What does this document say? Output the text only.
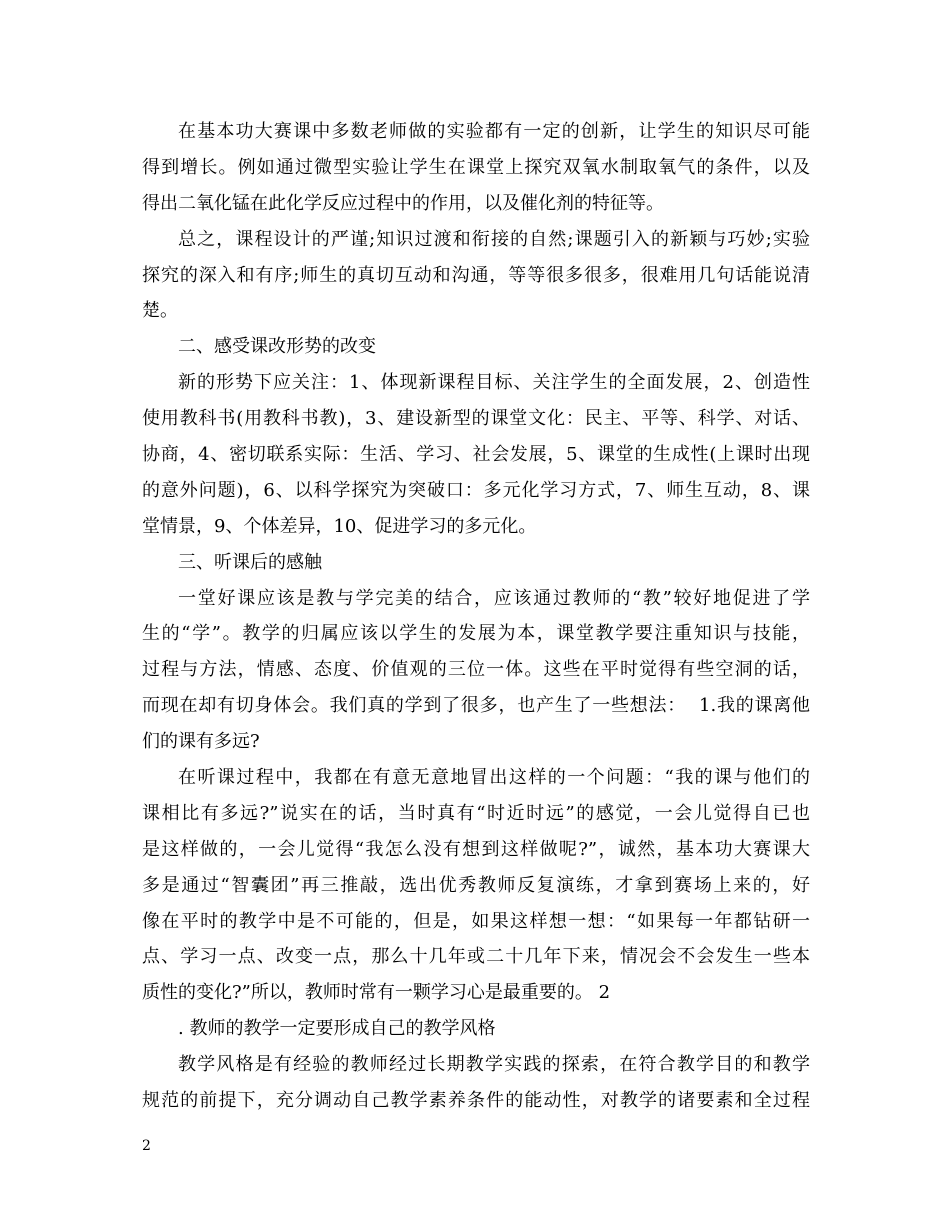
在基本功大赛课中多数老师做的实验都有一定的创新，让学生的知识尽可能
得到增长。例如通过微型实验让学生在课堂上探究双氧水制取氧气的条件，以及
得出二氧化锰在此化学反应过程中的作用，以及催化剂的特征等。
总之，课程设计的严谨;知识过渡和衔接的自然;课题引入的新颖与巧妙;实验
探究的深入和有序;师生的真切互动和沟通，等等很多很多，很难用几句话能说清
楚。
二、感受课改形势的改变
新的形势下应关注：1、体现新课程目标、关注学生的全面发展，2、创造性
使用教科书(用教科书教)，3、建设新型的课堂文化：民主、平等、科学、对话、
协商，4、密切联系实际：生活、学习、社会发展，5、课堂的生成性(上课时出现
的意外问题)，6、以科学探究为突破口：多元化学习方式，7、师生互动，8、课
堂情景，9、个体差异，10、促进学习的多元化。
三、听课后的感触
一堂好课应该是教与学完美的结合，应该通过教师的“教”较好地促进了学
生的“学”。教学的归属应该以学生的发展为本，课堂教学要注重知识与技能，
过程与方法，情感、态度、价值观的三位一体。这些在平时觉得有些空洞的话，
而现在却有切身体会。我们真的学到了很多，也产生了一些想法：  1.我的课离他
们的课有多远?
在听课过程中，我都在有意无意地冒出这样的一个问题：“我的课与他们的
课相比有多远?”说实在的话，当时真有“时近时远”的感觉，一会儿觉得自已也
是这样做的，一会儿觉得“我怎么没有想到这样做呢?”，诚然，基本功大赛课大
多是通过“智囊团”再三推敲，选出优秀教师反复演练，才拿到赛场上来的，好
像在平时的教学中是不可能的，但是，如果这样想一想：“如果每一年都钻研一
点、学习一点、改变一点，那么十几年或二十几年下来，情况会不会发生一些本
质性的变化?”所以，教师时常有一颗学习心是最重要的。 2
. 教师的教学一定要形成自己的教学风格
教学风格是有经验的教师经过长期教学实践的探索，在符合教学目的和教学
规范的前提下，充分调动自己教学素养条件的能动性，对教学的诸要素和全过程
2
